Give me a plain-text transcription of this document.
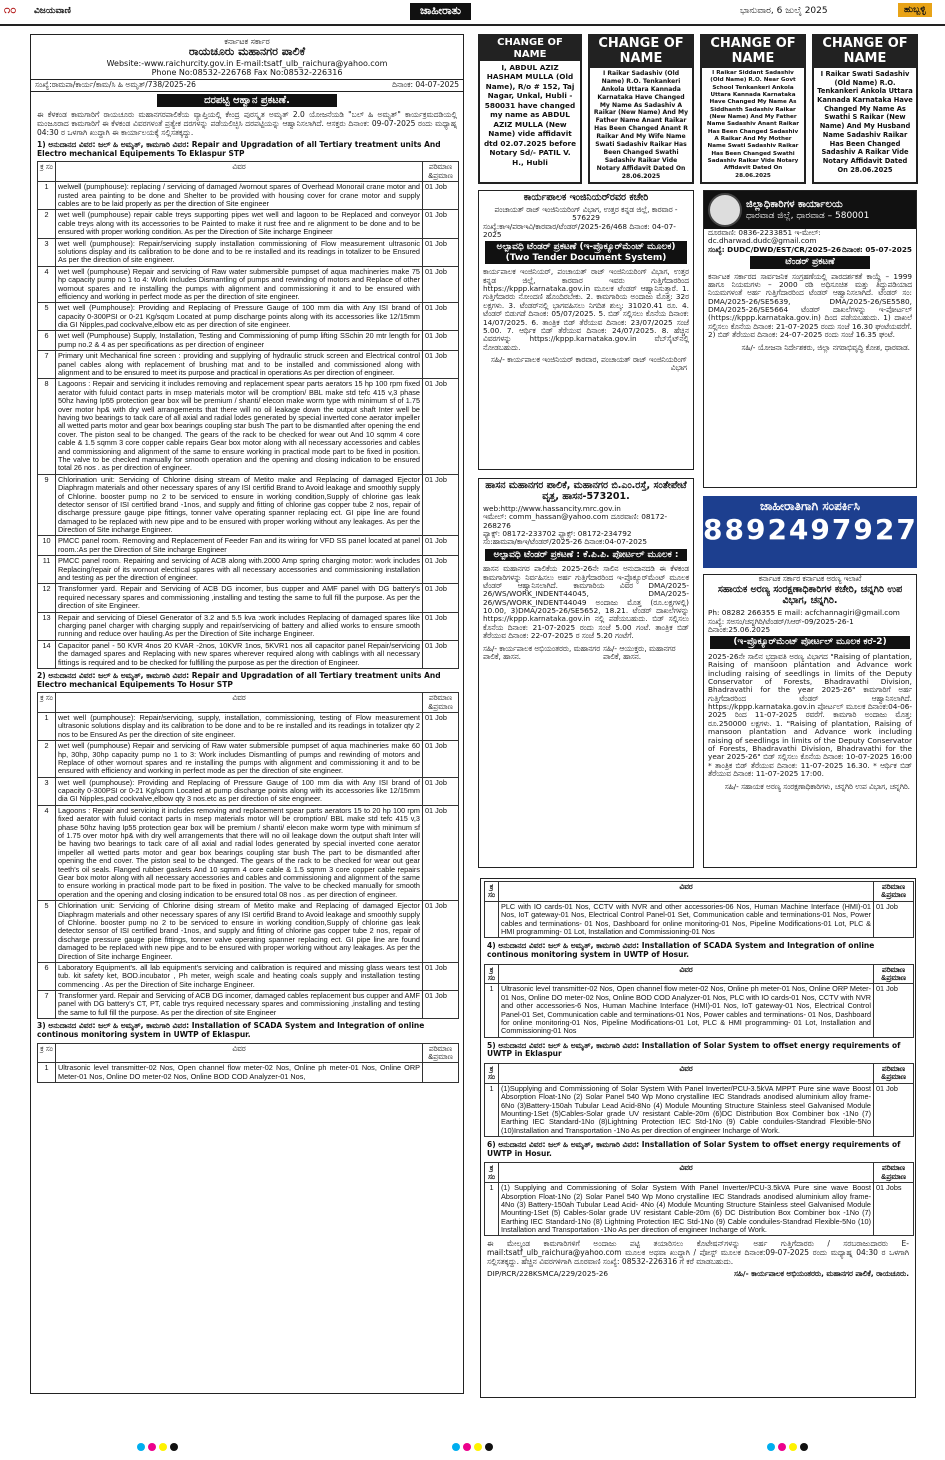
೧೦ ವಿಜಯವಾಣಿ	ಜಾಹೀರಾತು	ಭಾನುವಾರ, 6 ಜುಲೈ 2025	ಹುಬ್ಬಳ್ಳಿ
ಕರ್ನಾಟಕ ಸರ್ಕಾರ
ರಾಯಚೂರು ಮಹಾನಗರ ಪಾಲಿಕೆ
Website:-www.raichurcity.gov.in E-mail:tsatf_ulb_raichura@yahoo.com
Phone No:08532-226768 Fax No:08532-226316
ಸಂಖ್ಯೆ:ರಾಮಪಾ/ಕಾರ್ಯ/ಕಾಮ/ಸಿ ಹಿ ಅಮೃತ್/738/2025-26	ದಿನಾಂಕ: 04-07-2025
ದರಪಟ್ಟಿ ಆಹ್ವಾನ ಪ್ರಕಟಣೆ.
ಈ ಕೆಳಕಂಡ ಕಾಮಗಾರಿಗೆ ರಾಯಚೂರು ಮಹಾನಗರಪಾಲಿಕೆಯ ವ್ಯಾಪ್ತಿಯಲ್ಲಿ ಕೇಂದ್ರ ಪುರಸ್ಕೃತ ಅಮೃತ್ 2.0 ಯೋಜನೆಯಡಿ "ಬಲ್ ಹಿ ಅಮೃತ್" ಕಾರ್ಯಕ್ರಮದಡಿಯಲ್ಲಿ ಮಂಜೂರಾದ ಕಾಮಗಾರಿಗೆ ಈ ಕೆಳಕಂಡ ವಿವರಗಳಂತೆ ಪ್ರತ್ಯೇಕ ದರಗಳನ್ನು ಪಡೆಯಲಿಚ್ಛಿಸಿ ದರಪಟ್ಟಿಯನ್ನು ಆಹ್ವಾನಿಸಲಾಗಿದೆ. ಆಸಕ್ತರು ದಿನಾಂಕ: 09-07-2025 ರಂದು ಮಧ್ಯಾಹ್ನ 04:30 ರ ಒಳಗಾಗಿ ಖುದ್ದಾಗಿ ಈ ಕಾರ್ಯಾಲಯಕ್ಕೆ ಸಲ್ಲಿಸತಕ್ಕದ್ದು.
1) ಅನುದಾನದ ವಿವರ: ಜಲ್ ಹಿ ಅಮೃತ್, ಕಾಮಗಾರಿ ವಿವರ: Repair and Upgradation of all Tertiary treatment units And Electro mechanical Equipements To Eklaspur STP
ಕ್ರ ಸಂ	ವಿವರ	ಪರಿಮಾಣ &ಪ್ರಮಾಣ
1	welwell (pumphouse): replacing / servicing of damaged /wornout spares of Overhead Monorail crane motor and rusted area painting to be done and Shelter to be provided with housing cover for crane motor and supply cables are to be laid properly as per the direction of Site engineer	01 Job
2	wet well (pumphouse) repair cable treys supporting pipes wet well and lagoon to be Replaced and conveyor cable treys along with its accessories to be Painted to make it rust free and re alignment to be done and to be ensured with proper working condition. As per the Direction of Site incharge Engineer	01 Job
3	wet well (pumphouse): Repair/servicing supply installation commissioning of Flow measurement ultrasonic solutions display and its calibration to be done and to be re installed and its readings in totalizer to be Ensured As per the direction of site engineer.	01 Job
4	wet well (pumphouse) Repair and servicing of Raw water submersible pumpset of aqua machineries make 75 hp capacity pump no 1 to 4: Work includes Dismantling of pumps and rewinding of motors and Replace of other wornout spares and re installing the pumps with alignment and commissioning it and to be ensured with efficiency and working in perfect mode as per the direction of site engineer.	01 Job
5	wet well (Pumphouse): Providing and Replacing of Pressure Gauge of 100 mm dia with Any ISI brand of capacity 0-300PSI or 0-21 Kg/sqcm Located at pump discharge points along with its accessories like 12/15mm dia GI Nipples,pad cockvalve,elbow etc as per direction of site engineer.	01 Job
6	wet well (Pumphouse) Supply, Installation, Testing and Commissioning of pump lifting SSchin 20 mtr length for pump no.2 & 4 as per specifications as per direction of engineer	01 Job
7	Primary unit Mechanical fine screen : providing and supplying of hydraulic struck screen and Electrical control panel cables along with replacement of brushing mat and to be installed and commissioned along with alignment and to be ensured to meet its purpose and practical in operations As per direction of engineer.	01 Job
8	Lagoons : Repair and servicing it includes removing and replacement spear parts aerators 15 hp 100 rpm fixed aerator with fuluid contact parts in msep materials motor will be cromption/ BBL make std tefc 415 v,3 phase 50hz having Ip55 protection gear box will be premium / shanti/ elecon make worm type with minimum sf of 1.75 over motor hp& with dry well arrangements that there will no oil leakage down the output shaft Inter well be having two bearings to tack care of all axial and radial lodes generated by special inverted cone aerator impeller all wetted parts motor and gear box bearings coupling star bush The part to be dismantled after opening the end cover. The piston seal to be changed. The gears of the rack to be checked for wear out And 10 sqmm 4 core cable & 1.5 sqmm 3 core copper cable repairs Gear box motor along with all necessary accessories and cables and commissioning and alignment of the same to ensure working in practical mode part to be fixed in position. The valve to be checked manually for smooth operation and the opening and closing indication to be ensured total 26 nos . as per direction of engineer.	01 Job
9	Chlorination unit: Servicing of Chlorine dising stream of Metito make and Replacing of damaged Ejector Diaphragm materials and other necessary spares of any ISI certifid Brand to Avoid leakage and smoothly supply of Chlorine. booster pump no 2 to be serviced to ensure in working condition,Supply of chlorine gas leak detector sensor of ISI certified brand -1nos, and supply and fitting of chlorine gas copper tube 2 nos, repair of discharge pressure gauge pipe fittings, tonner valve operating spanner replacing ect. GI pipe line are found damaged to be replaced with new pipe and to be ensured with proper working without any leakages. As per the Direction of Site incharge Engineer.	01 Job
10	PMCC panel room. Removing and Replacement of Feeder Fan and its wiring for VFD SS panel located at panel room.:As per the Direction of Site incharge Engineer	01 Job
11	PMCC panel room. Repairing and servicing of ACB along with.2000 Amp spring charging motor: work includes Replacing/repair of its wornout electrical spares with all necessary accessories and commissioning installation and testing as per the direction of engineer.	01 Job
12	Transformer yard. Repair and Servicing of ACB DG incomer, bus cupper and AMF panel with DG battery's required necessary spares and commissioning ,installing and testing the same to full fill the purpose. As per the direction of site Engineer.	01 Job
13	Repair and servicing of Diesel Generator of 3.2 and 5.5 kva :work includes Replacing of damaged spares like charging panel charger with charging supply and repair/servicing of battery and allied works to ensure smooth running and reduce over hauling.As per the Direction of Site incharge Engineer.	01 Job
14	Capacitor panel - 50 KVR 4nos 20 KVAR -2nos, 10KVR 1nos, 5KVR1 nos all capacitor panel Repair/servicing the damaged spares and Replacing with new spares wherever required along with cablings with all necessary fittings is required and to be checked for fulfilling the purpose as per the direction of Engineer.	01 Job
2) ಅನುದಾನದ ವಿವರ: ಜಲ್ ಹಿ ಅಮೃತ್, ಕಾಮಗಾರಿ ವಿವರ: Repair and Upgradation of all Tertiary treatment units And Electro mechanical Equipements To Hosur STP
ಕ್ರ ಸಂ	ವಿವರ	ಪರಿಮಾಣ &ಪ್ರಮಾಣ
1	wet well (pumphouse): Repair/servicing, supply, installation, commissioning, testing of Flow measurement ultrasonic solutions display and its calibration to be done and to be re installed and its readings in totalizer qty 2 nos to be Ensured As per the direction of site engineer.	01 Job
2	wet well (pumphouse) Repair and servicing of Raw water submersible pumpset of aqua machineries make 60 hp, 30hp, 30hp capacity pump no 1 to 3: Work includes Dismantling of pumps and rewinding of motors and Replace of other wornout spares and re installing the pumps with alignment and commissioning it and to be ensured with efficiency and working in perfect mode as per the direction of site engineer.	01 Job
3	wet well (pumphouse): Providing and Replacing of Pressure Gauge of 100 mm dia with Any ISI brand of capacity 0-300PSI or 0-21 Kg/sqcm Located at pump discharge points along with its accessories like 12/15mm dia GI Nipples,pad cockvalve,elbow qty 3 nos.etc as per direction of site engineer.	01 Job
4	Lagoons : Repair and servicing it includes removing and replacement spear parts aerators 15 to 20 hp 100 rpm fixed aerator with fuluid contact parts in msep materials motor will be cromption/ BBL make std tefc 415 v,3 phase 50hz having Ip55 protection gear box will be premium / shanti/ elecon make worm type with minimum sf of 1.75 over motor hp& with dry well arrangements that there will no oil leakage down the output shaft Inter will be having two bearings to tack care of all axial and radial lodes generated by special inverted cone aerator impeller all wetted parts motor and gear box bearings coupling star bush The part to be dismantled after opening the end cover. The piston seal to be changed. The gears of the rack to be checked for wear out gear teeth's oil seals. Flanged rubber gaskets And 10 sqmm 4 core cable & 1.5 sqmm 3 core copper cable repairs Gear box motor along with all necessary accessories and cables and commissioning and alignment of the same to ensure working in practical mode part to be fixed in position. The valve to be checked manually for smooth operation and the opening and closing indication to be ensured total 08 nos . as per direction of engineer.	01 Job
5	Chlorination unit: Servicing of Chlorine dising stream of Metito make and Replacing of damaged Ejector Diaphragm materials and other necessary spares of any ISI certifid Brand to Avoid leakage and smoothly supply of Chlorine. booster pump no 2 to be serviced to ensure in working condition,Supply of chlorine gas leak detector sensor of ISI certified brand -1nos, and supply and fitting of chlorine gas copper tube 2 nos, repair of discharge pressure gauge pipe fittings, tonner valve operating spanner replacing ect. GI pipe line are found damaged to be replaced with new pipe and to be ensured with proper working without any leakages. As per the Direction of Site incharge Engineer.	01 Job
6	Laboratory Equipment's. all lab equipment's servicing and calibration is required and missing glass wears test tub. kit safety ket, BOD.incubator , Ph meter, weigh scale and heating coals supply and installation testing commencing . As per the Direction of Site incharge Engineer.	01 Job
7	Transformer yard. Repair and Servicing of ACB DG incomer, damaged cables replacement bus cupper and AMF panel with DG battery's CT, PT, cable trys required necessary spares and commissioning ,installing and testing the same to full fill the purpose. As per the direction of site Engineer	01 Job
3) ಅನುದಾನದ ವಿವರ: ಜಲ್ ಹಿ ಅಮೃತ್, ಕಾಮಗಾರಿ ವಿವರ: Installation of SCADA System and Integration of online continous monitoring system in UWTP of Eklaspur.
ಕ್ರ ಸಂ	ವಿವರ	ಪರಿಮಾಣ &ಪ್ರಮಾಣ
1	Ultrasonic level transmitter-02 Nos, Open channel flow meter-02 Nos, Online ph meter-01 Nos, Online ORP Meter-01 Nos, Online DO meter-02 Nos, Online BOD COD Analyzer-01 Nos,	
CHANGE OF NAME
I, ABDUL AZIZ HASHAM MULLA (Old Name), R/o # 152, Taj Nagar, Unkal, Hubli - 580031 have changed my name as ABDUL AZIZ MULLA (New Name) vide affidavit dtd 02.07.2025 before Notary Sd/- PATIL V. H., Hubli
CHANGE OF NAME
I Raikar Sadashiv (Old Name) R.O. Tenkankeri Ankola Uttara Kannada Karnataka Have Changed My Name As Sadashiv A Raikar (New Name) And My Father Name Anant Raikar Has Been Changed Anant R Raikar And My Wife Name Swati Sadashiv Raikar Has Been Changed Swathi Sadashiv Raikar Vide Notary Affidavit Dated On 28.06.2025
CHANGE OF NAME
I Raikar Siddant Sadashiv (Old Name) R.O. Near Govt School Tenkankeri Ankola Uttara Kannada Karnataka Have Changed My Name As Siddhanth Sadashiv Raikar (New Name) And My Father Name Sadashiv Anant Raikar Has Been Changed Sadashiv A Raikar And My Mother Name Swati Sadashiv Raikar Has Been Changed Swathi Sadashiv Raikar Vide Notary Affidavit Dated On 28.06.2025
CHANGE OF NAME
I Raikar Swati Sadashiv (Old Name) R.O. Tenkankeri Ankola Uttara Kannada Karnataka Have Changed My Name As Swathi S Raikar (New Name) And My Husband Name Sadashiv Raikar Has Been Changed Sadashiv A Raikar Vide Notary Affidavit Dated On 28.06.2025
ಕಾರ್ಯಪಾಲಕ ಇಂಜಿನಿಯರ್‌ರವರ ಕಚೇರಿ
ಪಂಚಾಯತ್ ರಾಜ್ ಇಂಜಿನಿಯರಿಂಗ್ ವಿಭಾಗ, ಉತ್ತರ ಕನ್ನಡ ಜಿಲ್ಲೆ, ಕಾರವಾರ - 576229
ಸಂಖ್ಯೆ:ಕಾಇ/ಪರಾಇವಿ/ಕಾರವಾರ/ಟೆಂಡರ್/2025-26/468 ದಿನಾಂಕ: 04-07-2025
ಅಲ್ಪಾವಧಿ ಟೆಂಡರ್ ಪ್ರಕಟಣೆ (ಇ-ಪ್ರೊಕ್ಯೂರ್‌ಮೆಂಟ್ ಮೂಲಕ) (Two Tender Document System)
ಕಾರ್ಯಪಾಲಕ ಇಂಜಿನಿಯರ್, ಪಂಚಾಯತ್ ರಾಜ್ ಇಂಜಿನಿಯರಿಂಗ್ ವಿಭಾಗ, ಉತ್ತರ ಕನ್ನಡ ಜಿಲ್ಲೆ, ಕಾರವಾರ ಇವರು ಗುತ್ತಿಗೆದಾರರಿಂದ https://kppp.karnataka.gov.in ಮೂಲಕ ಟೆಂಡರ್ ಆಹ್ವಾನಿಸುತ್ತಾರೆ. 1. ಗುತ್ತಿಗೆದಾರರು ನೋಂದಣಿ ಹೊಂದಿರಬೇಕು. 2. ಕಾಮಗಾರಿಯ ಅಂದಾಜು ಮೊತ್ತ: 32ರ ಲಕ್ಷಗಳು. 3. ಟೆಂಡರ್‌ನಲ್ಲಿ ಭಾಗವಹಿಸಲು ನಿಗದಿತ ಶುಲ್ಕ: 31020.41 ರೂ. 4. ಟೆಂಡರ್ ಬಿಡುಗಡೆ ದಿನಾಂಕ: 05/07/2025. 5. ಬಿಡ್ ಸಲ್ಲಿಸಲು ಕೊನೆಯ ದಿನಾಂಕ: 14/07/2025. 6. ತಾಂತ್ರಿಕ ಬಿಡ್ ತೆರೆಯುವ ದಿನಾಂಕ: 23/07/2025 ಸಂಜೆ 5.00. 7. ಆರ್ಥಿಕ ಬಿಡ್ ತೆರೆಯುವ ದಿನಾಂಕ: 24/07/2025. 8. ಹೆಚ್ಚಿನ ವಿವರಗಳನ್ನು https://kppp.karnataka.gov.in ವೆಬ್‌ಸೈಟ್‌ನಲ್ಲಿ ನೋಡಬಹುದು.
ಸಹಿ/- ಕಾರ್ಯಪಾಲಕ ಇಂಜಿನಿಯರ್ ಕಾರವಾರ, ಪಂಚಾಯತ್ ರಾಜ್ ಇಂಜಿನಿಯರಿಂಗ್ ವಿಭಾಗ
ಜಿಲ್ಲಾಧಿಕಾರಿಗಳ ಕಾರ್ಯಾಲಯ
ಧಾರವಾಡ ಜಿಲ್ಲೆ, ಧಾರವಾಡ – 580001
ದೂರವಾಣಿ: 0836-2233851 ಇ-ಮೇಲ್: dc.dharwad.dudc@gmail.com
ಸಂಖ್ಯೆ: DUDC/DWD/EST/CR/2025-26 ದಿನಾಂಕ: 05-07-2025
ಟೆಂಡರ್ ಪ್ರಕಟಣೆ
ಕರ್ನಾಟಕ ಸರ್ಕಾರದ ಸಾರ್ವಜನಿಕ ಸಂಗ್ರಹಣೆಯಲ್ಲಿ ಪಾರದರ್ಶಕತೆ ಕಾಯ್ದೆ – 1999 ಹಾಗೂ ನಿಯಮಗಳು – 2000 ರಡಿ ಅಧಿಸೂಚಿತ ಮತ್ತು ತಿದ್ದುಪಡಿಯಾದ ನಿಯಮಗಳಂತೆ ಅರ್ಹ ಗುತ್ತಿಗೆದಾರರಿಂದ ಟೆಂಡರ್ ಆಹ್ವಾನಿಸಲಾಗಿದೆ. ಟೆಂಡರ್ ಸಂ: DMA/2025-26/SE5639, DMA/2025-26/SE5580, DMA/2025-26/SE5664 ಟೆಂಡರ್ ದಾಖಲೆಗಳನ್ನು ಇ-ಪೋರ್ಟಲ್ (https://kppp.karnataka.gov.in) ದಿಂದ ಪಡೆಯಬಹುದು. 1) ದಾಖಲೆ ಸಲ್ಲಿಸಲು ಕೊನೆಯ ದಿನಾಂಕ: 21-07-2025 ರಂದು ಸಂಜೆ 16.30 ಘಂಟೆಯವರೆಗೆ. 2) ಬಿಡ್ ತೆರೆಯುವ ದಿನಾಂಕ: 24-07-2025 ರಂದು ಸಂಜೆ 16.35 ಘಂಟೆ.
ಸಹಿ/- ಯೋಜನಾ ನಿರ್ದೇಶಕರು, ಜಿಲ್ಲಾ ನಗರಾಭಿವೃದ್ಧಿ ಕೋಶ, ಧಾರವಾಡ.
ಹಾಸನ ಮಹಾನಗರ ಪಾಲಿಕೆ, ಮಹಾನಗರ ಬಿ.ಎಂ.ರಸ್ತೆ, ಸಂತೇಪೇಟೆ ವೃತ್ತ, ಹಾಸನ-573201.
web:http://www.hassancity.mrc.gov.in
ಇಮೇಲ್: comm_hassan@yahoo.com ದೂರವಾಣಿ: 08172-268276
ಫ್ಯಾಕ್ಸ್: 08172-233702 ಫ್ಯಾಕ್ಸ್: 08172-234792
ಸಂ:ಹಾಮಪಾ/ಕಾಇ/ಟೆಂಡರ್/2025-26 ದಿನಾಂಕ:04-07-2025
ಅಲ್ಪಾವಧಿ ಟೆಂಡರ್ ಪ್ರಕಟಣೆ : ಕೆ.ಪಿ.ಪಿ. ಪೋರ್ಟಲ್ ಮೂಲಕ :
ಹಾಸನ ಮಹಾನಗರ ಪಾಲಿಕೆಯ 2025-26ನೇ ಸಾಲಿನ ಅನುದಾನದಡಿ ಈ ಕೆಳಕಂಡ ಕಾಮಗಾರಿಗಳನ್ನು ನಿರ್ವಹಿಸಲು ಅರ್ಹ ಗುತ್ತಿಗೆದಾರರಿಂದ ಇ-ಪ್ರೊಕ್ಯೂರ್‌ಮೆಂಟ್ ಮೂಲಕ ಟೆಂಡರ್ ಆಹ್ವಾನಿಸಲಾಗಿದೆ. ಕಾಮಗಾರಿಯ ವಿವರ DMA/2025-26/WS/WORK_INDENT44045, DMA/2025-26/WS/WORK_INDENT44049 ಅಂದಾಜು ಮೊತ್ತ (ರೂ.ಲಕ್ಷಗಳಲ್ಲಿ) 10.00, 3)DMA/2025-26/SE5652, 18.21. ಟೆಂಡರ್ ದಾಖಲೆಗಳನ್ನು https://kppp.karnataka.gov.in ನಲ್ಲಿ ಪಡೆಯಬಹುದು. ಬಿಡ್ ಸಲ್ಲಿಸಲು ಕೊನೆಯ ದಿನಾಂಕ: 21-07-2025 ರಂದು ಸಂಜೆ 5.00 ಗಂಟೆ. ತಾಂತ್ರಿಕ ಬಿಡ್ ತೆರೆಯುವ ದಿನಾಂಕ: 22-07-2025 ರ ಸಂಜೆ 5.20 ಗಂಟೆಗೆ.
ಸಹಿ/- ಕಾರ್ಯಪಾಲಕ ಅಭಿಯಂತರರು, ಮಹಾನಗರ ಪಾಲಿಕೆ, ಹಾಸನ.
ಸಹಿ/- ಆಯುಕ್ತರು, ಮಹಾನಗರ ಪಾಲಿಕೆ, ಹಾಸನ.
ಜಾಹೀರಾತಿಗಾಗಿ ಸಂಪರ್ಕಿಸಿ
8892497927
ಕರ್ನಾಟಕ ಸರ್ಕಾರ ಕರ್ನಾಟಕ ಅರಣ್ಯ ಇಲಾಖೆ
ಸಹಾಯಕ ಅರಣ್ಯ ಸಂರಕ್ಷಣಾಧಿಕಾರಿಗಳ ಕಚೇರಿ, ಚನ್ನಗಿರಿ ಉಪ ವಿಭಾಗ, ಚನ್ನಗಿರಿ.
Ph: 08282 266355 E mail: acfchannagiri@gmail.com
ಸಂಖ್ಯೆ: ಸಅಸಂ/ಚನ್ನಗಿರಿ/ಟೆಂಡರ್/ಸಿಆರ್-09/2025-26-1 ದಿನಾಂಕ:25.06.2025
(ಇ-ಪ್ರೊಕ್ಯೂರ್‌ಮೆಂಟ್ ಪೋರ್ಟಲ್ ಮೂಲಕ ಕರೆ-2)
2025-26ನೇ ಸಾಲಿನ ಭದ್ರಾವತಿ ಅರಣ್ಯ ವಿಭಾಗದ "Raising of plantation, Raising of mansoon plantation and Advance work including raising of seedlings in limits of the Deputy Conservator of Forests, Bhadravathi Division, Bhadravathi for the year 2025-26" ಕಾಮಗಾರಿಗೆ ಅರ್ಹ ಗುತ್ತಿಗೆದಾರರಿಂದ ಟೆಂಡರ್ ಆಹ್ವಾನಿಸಲಾಗಿದೆ. https://kppp.karnataka.gov.in ಪೋರ್ಟಲ್ ಮೂಲಕ ದಿನಾಂಕ:04-06-2025 ರಿಂದ 11-07-2025 ರವರೆಗೆ. ಕಾಮಗಾರಿ ಅಂದಾಜು ಮೊತ್ತ: ರೂ.250000 ಲಕ್ಷಗಳು. 1. "Raising of plantation, Raising of mansoon plantation and Advance work including raising of seedlings in limits of the Deputy Conservator of Forests, Bhadravathi Division, Bhadravathi for the year 2025-26" ಬಿಡ್ ಸಲ್ಲಿಸಲು ಕೊನೆಯ ದಿನಾಂಕ: 10-07-2025 16:00 * ತಾಂತ್ರಿಕ ಬಿಡ್ ತೆರೆಯುವ ದಿನಾಂಕ: 11-07-2025 16.30. * ಆರ್ಥಿಕ ಬಿಡ್ ತೆರೆಯುವ ದಿನಾಂಕ: 11-07-2025 17:00.
ಸಹಿ/- ಸಹಾಯಕ ಅರಣ್ಯ ಸಂರಕ್ಷಣಾಧಿಕಾರಿಗಳು, ಚನ್ನಗಿರಿ ಉಪ ವಿಭಾಗ, ಚನ್ನಗಿರಿ.
ಕ್ರ ಸಂ	ವಿವರ	ಪರಿಮಾಣ &ಪ್ರಮಾಣ
	PLC with IO cards-01 Nos, CCTV with NVR and other accessories-06 Nos, Human Machine Interface (HMI)-01 Nos, IoT gateway-01 Nos, Electrical Control Panel-01 Set, Communication cable and terminations-01 Nos, Power cables and terminations- 01 Nos, Dashboard for online monitoring-01 Nos, Pipeline Modifications-01 Lot, PLC & HMI programming- 01 Lot, Installation and Commissioning-01 Nos	01 Job
4) ಅನುದಾನದ ವಿವರ: ಜಲ್ ಹಿ ಅಮೃತ್, ಕಾಮಗಾರಿ ವಿವರ: Installation of SCADA System and Integration of online continous monitoring system in UWTP of Hosur.
ಕ್ರ ಸಂ	ವಿವರ	ಪರಿಮಾಣ &ಪ್ರಮಾಣ
1	Ultrasonic level transmitter-02 Nos, Open channel flow meter-02 Nos, Online ph meter-01 Nos, Online ORP Meter-01 Nos, Online DO meter-02 Nos, Online BOD COD Analyzer-01 Nos, PLC with IO cards-01 Nos, CCTV with NVR and other accessories-6 Nos, Human Machine Interface (HMI)-01 Nos, IoT gateway-01 Nos, Electrical Control Panel-01 Set, Communication cable and terminations-01 Nos, Power cables and terminations- 01 Nos, Dashboard for online monitoring-01 Nos, Pipeline Modifications-01 Lot, PLC & HMI programming- 01 Lot, Installation and Commissioning-01 Nos	01 Job
5) ಅನುದಾನದ ವಿವರ: ಜಲ್ ಹಿ ಅಮೃತ್, ಕಾಮಗಾರಿ ವಿವರ: Installation of Solar System to offset energy requirements of UWTP in Eklaspur
ಕ್ರ ಸಂ	ವಿವರ	ಪರಿಮಾಣ &ಪ್ರಮಾಣ
1	(1)Supplying and Commissioning of Solar System With Panel Inverter/PCU-3.5kVA MPPT Pure sine wave Boost Absorption Float-1No (2) Solar Panel 540 Wp Mono crystalline IEC Standrads anodised aluminium alloy frame-6No (3)Battery-150ah Tubular Lead Acid-8No (4) Module Mounting Structure Stainless steel Galvanised Module Mounting-1Set (5)Cables-Solar grade UV resistant Cable-20m (6)DC Distribution Box Combiner box -1No (7) Earthing IEC Standard-1No (8)Lightning Protection IEC Std-1No (9) Cable conduiles-Standrad Flexible-5No (10)Installation and Transportation -1No As per direction of engineer Incharge of Work.	01 Job
6) ಅನುದಾನದ ವಿವರ: ಜಲ್ ಹಿ ಅಮೃತ್, ಕಾಮಗಾರಿ ವಿವರ: Installation of Solar System to offset energy requirements of UWTP in Hosur.
ಕ್ರ ಸಂ	ವಿವರ	ಪರಿಮಾಣ &ಪ್ರಮಾಣ
1	(1) Supplying and Commissioning of Solar System With Panel Inverter/PCU-3.5kVA Pure sine wave Boost Absorption Float-1No (2) Solar Panel 540 Wp Mono crystalline IEC Standrads anodised aluminium alloy frame-4No (3) Battery-150ah Tubular Lead Acid- 4No (4) Module Mcunting Structure Stainless steel Galvanised Module Mounting-1Set (5) Cables-Solar grade UV resistant Cable-20m (6) DC Distribution Box Combiner box -1No (7) Earthing IEC Standard-1No (8) Lightning Protection IEC Std-1No (9) Cable conduiles-Standrad Flexible-5No (10) Installation and Transportation -1No As per direction of engineer Incharge of Work.	01 Jobs
ಈ ಮೇಲ್ಕಂಡ ಕಾಮಗಾರಿಗಳಿಗೆ ಅಂದಾಜು ಪಟ್ಟಿ ತಯಾರಿಸಲು ಕೊಟೇಷನ್‌ಗಳನ್ನು ಅರ್ಹ ಗುತ್ತಿಗೆದಾರರು / ಸರಬರಾಜುದಾರರು E-mail:tsatf_ulb_raichura@yahoo.com ಮೂಲಕ ಅಥವಾ ಖುದ್ದಾಗಿ / ಪೋಸ್ಟ್ ಮೂಲಕ ದಿನಾಂಕ:09-07-2025 ರಂದು ಮಧ್ಯಾಹ್ನ 04:30 ರ ಒಳಗಾಗಿ ಸಲ್ಲಿಸತಕ್ಕದ್ದು. ಹೆಚ್ಚಿನ ವಿವರಗಳಿಗಾಗಿ ದೂರವಾಣಿ ಸಂಖ್ಯೆ: 08532-226316 ಗೆ ಕರೆ ಮಾಡಬಹುದು.
DIP/RCR/228KSMCA/229/2025-26	ಸಹಿ/- ಕಾರ್ಯಪಾಲಕ ಅಭಿಯಂತರರು, ಮಹಾನಗರ ಪಾಲಿಕೆ, ರಾಯಚೂರು.
